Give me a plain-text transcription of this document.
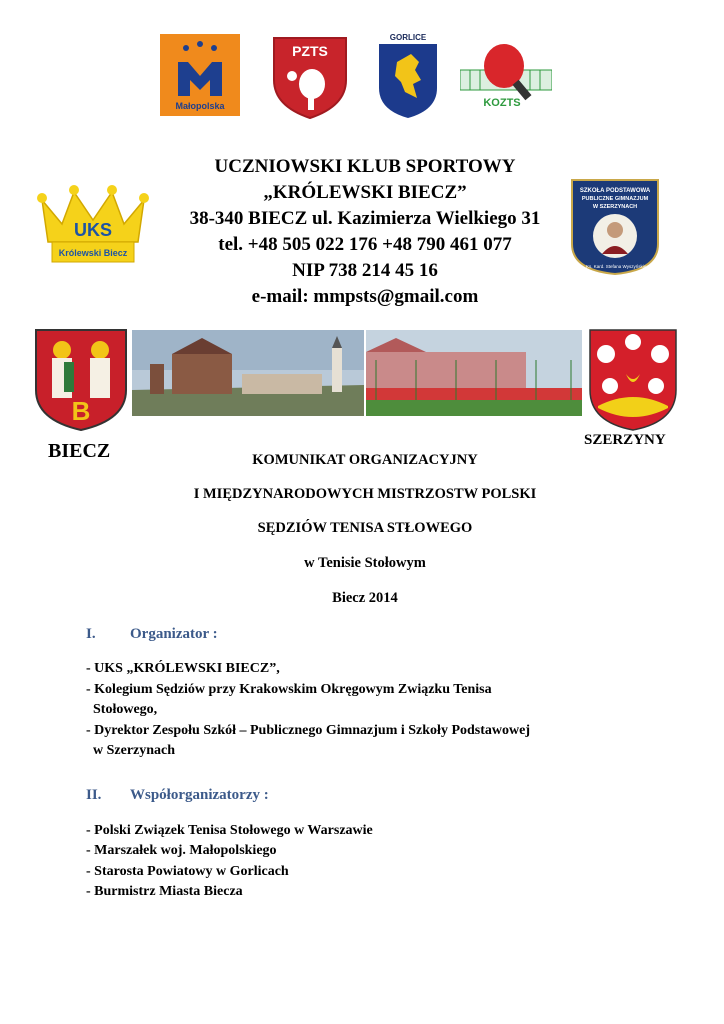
Małopolska
PZTS
GORLICE
KOZTS
UKS
Królewski Biecz
SZKOŁA PODSTAWOWA
PUBLICZNE GIMNAZJUM
W SZERZYNACH
im. Ks. Kard. Stefana Wyszyńskiego
UCZNIOWSKI KLUB SPORTOWY
„KRÓLEWSKI BIECZ”
38-340 BIECZ ul. Kazimierza Wielkiego 31
tel. +48 505 022 176 +48 790 461 077
NIP 738 214 45 16
e-mail: mmpsts@gmail.com
B
BIECZ	SZERZYNY
KOMUNIKAT ORGANIZACYJNY
I MIĘDZYNARODOWYCH MISTRZOSTW POLSKI
SĘDZIÓW TENISA STŁOWEGO
w Tenisie Stołowym
Biecz 2014
I. Organizator :
- UKS „KRÓLEWSKI BIECZ”,
- Kolegium Sędziów przy Krakowskim Okręgowym Związku Tenisa
Stołowego,
- Dyrektor Zespołu Szkół – Publicznego Gimnazjum i Szkoły Podstawowej
w Szerzynach
II. Współorganizatorzy :
- Polski Związek Tenisa Stołowego w Warszawie
- Marszałek woj. Małopolskiego
- Starosta Powiatowy w Gorlicach
- Burmistrz Miasta Biecza
